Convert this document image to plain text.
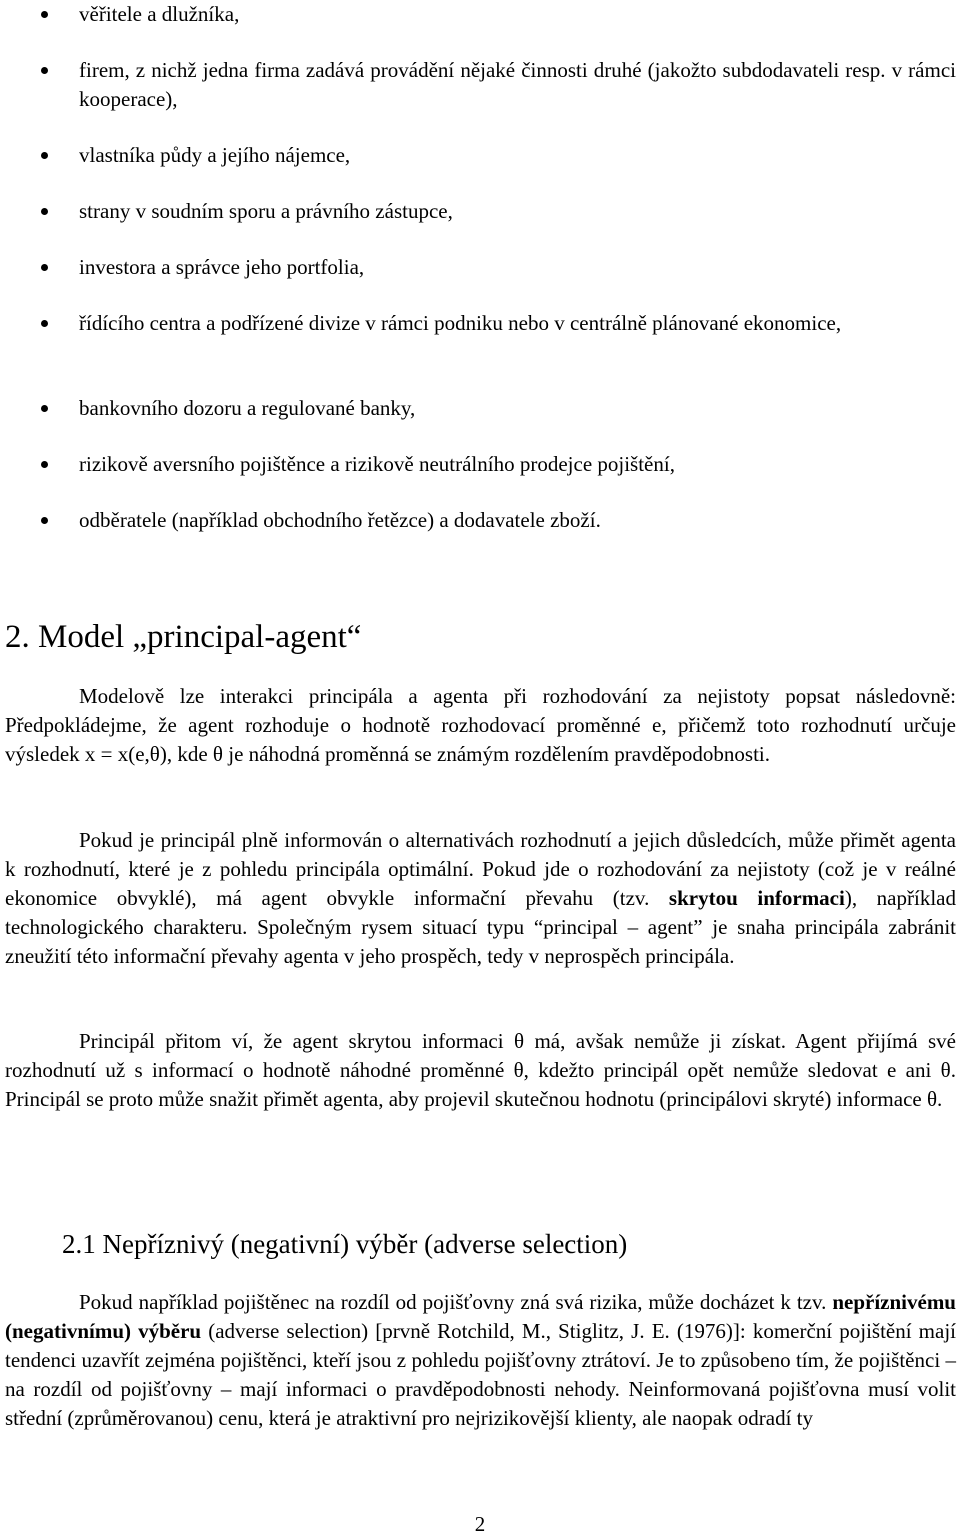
věřitele a dlužníka,
firem, z nichž jedna firma zadává provádění nějaké činnosti druhé (jakožto subdodavateli resp. v rámci kooperace),
vlastníka půdy a jejího nájemce,
strany v soudním sporu a právního zástupce,
investora a správce jeho portfolia,
řídícího centra a podřízené divize v rámci podniku nebo v centrálně plánované ekonomice,
bankovního dozoru a regulované banky,
rizikově aversního pojištěnce a rizikově neutrálního prodejce pojištění,
odběratele (například obchodního řetězce) a dodavatele zboží.
2. Model „principal-agent“

Modelově lze interakci principála a agenta při rozhodování za nejistoty popsat následovně: Předpokládejme, že agent rozhoduje o hodnotě rozhodovací proměnné e, přičemž toto rozhodnutí určuje výsledek x = x(e,θ), kde θ je náhodná proměnná se známým rozdělením pravděpodobnosti.

Pokud je principál plně informován o alternativách rozhodnutí a jejich důsledcích, může přimět agenta k rozhodnutí, které je z pohledu principála optimální. Pokud jde o rozhodování za nejistoty (což je v reálné ekonomice obvyklé), má agent obvykle informační převahu (tzv. skrytou informaci), například technologického charakteru. Společným rysem situací typu “principal – agent” je snaha principála zabránit zneužití této informační převahy agenta v jeho prospěch, tedy v neprospěch principála.

Principál přitom ví, že agent skrytou informaci θ má, avšak nemůže ji získat. Agent přijímá své rozhodnutí už s informací o hodnotě náhodné proměnné θ, kdežto principál opět nemůže sledovat e ani θ. Principál se proto může snažit přimět agenta, aby projevil skutečnou hodnotu (principálovi skryté) informace θ.

2.1 Nepříznivý (negativní) výběr (adverse selection)

Pokud například pojištěnec na rozdíl od pojišťovny zná svá rizika, může docházet k tzv. nepříznivému (negativnímu) výběru (adverse selection) [prvně Rotchild, M., Stiglitz, J. E. (1976)]: komerční pojištění mají tendenci uzavřít zejména pojištěnci, kteří jsou z pohledu pojišťovny ztrátoví. Je to způsobeno tím, že pojištěnci – na rozdíl od pojišťovny – mají informaci o pravděpodobnosti nehody. Neinformovaná pojišťovna musí volit střední (zprůměrovanou) cenu, která je atraktivní pro nejrizikovější klienty, ale naopak odradí ty

2
